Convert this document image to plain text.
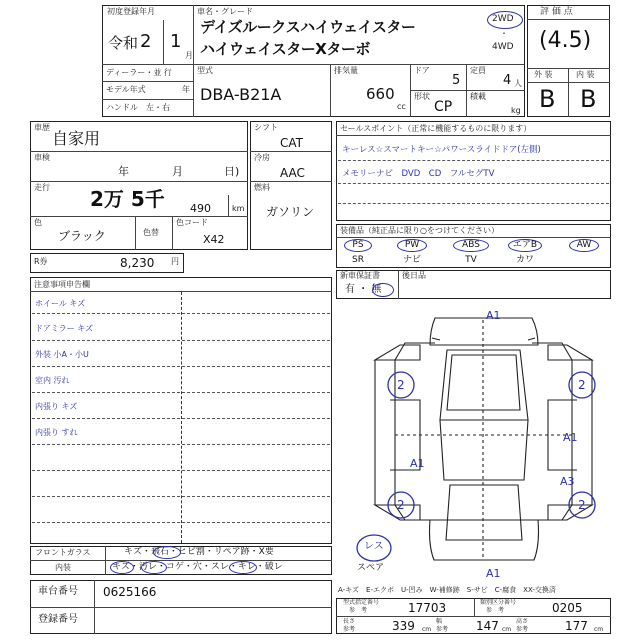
初度登録年月
令和 2 1
月
車名・グレード
デイズルークスハイウェイスター
ハイウェイスターXターボ
2WD
・
4WD
ディーラー・並 行
モデル年式	年
ハンドル　左・右
型式
DBA-B21A
排気量
660
cc
ドア
5
定員
4 人
形状
CP
積載
kg
評 価 点
(4.5)
外 装	内 装
B B
車歴
自家用
車検
年	月	日)
走行 2万 5千 490	km
色
ブラック	色替
色コード
X42
シフト
CAT
冷房
AAC
燃料
ガソリン
R券	8,230 円
セールスポイント（正常に機能するものに限ります）
キーレス☆スマートキー☆パワースライドドア(左側)
メモリーナビ　DVD　CD　フルセグTV
装備品（純正品に限り○をつけてください）
PS	PW	ABS	エアB	AW
SR	ナビ	TV	カワ
新車保証書
有 ・ 無
後日品
注意事項申告欄
ホイール キズ
ドアミラー キズ
外装 小A・小U
室内 汚れ
内張り キズ
内張り すれ
A1
2	2
A1
A1
A3
2	2
A1
レス
スペア
フロントガラス	キズ・飛石・ヒビ割・リペア跡・X要
内装	キズ・汚レ・コゲ・穴・スレ・キレ・破レ
A-キズ　E-エクボ　U-凹み　W-補修跡　S-サビ　C-腐食　XX-交換済
車台番号 0625166
登録番号
型式指定番号
参　考	17703	類別区分番号
参　考	0205
長さ
参考	339 cm
幅
参考 147 cm
高さ
参考	177 cm
